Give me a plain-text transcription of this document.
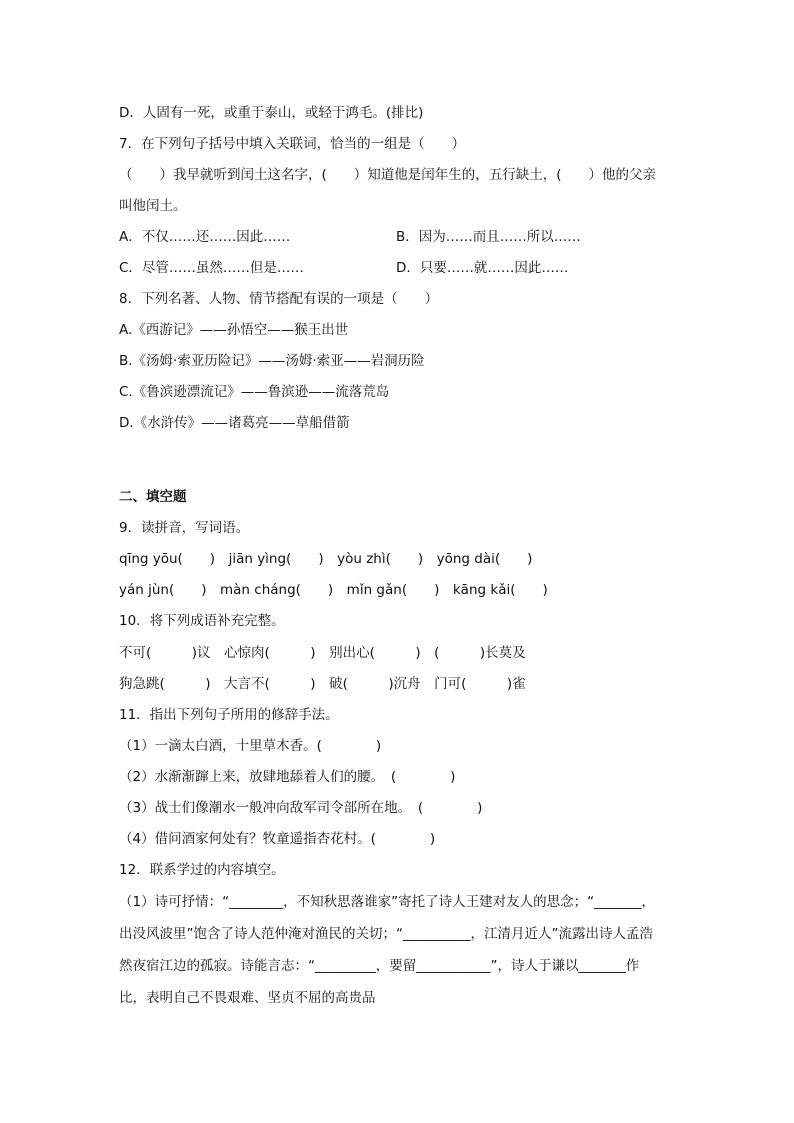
D．人固有一死，或重于泰山，或轻于鸿毛。(排比)
7．在下列句子括号中填入关联词，恰当的一组是（　　）
（　　）我早就听到闰土这名字，(　　）知道他是闰年生的，五行缺土，(　　）他的父亲
叫他闰土。
A．不仅……还……因此……	B．因为……而且……所以……
C．尽管……虽然……但是……	D．只要……就……因此……
8．下列名著、人物、情节搭配有误的一项是（　　）
A.《西游记》——孙悟空——猴王出世
B.《汤姆·索亚历险记》——汤姆·索亚——岩洞历险
C.《鲁滨逊漂流记》——鲁滨逊——流落荒岛
D.《水浒传》——诸葛亮——草船借箭
二、填空题
9．读拼音，写词语。
qīng yōu(　　)　jiān yìng(　　)　yòu zhì(　　)　yōng dài(　　)
yán jùn(　　)　màn cháng(　　)　mǐn gǎn(　　)　kāng kǎi(　　)
10．将下列成语补充完整。
不可(　　　)议　心惊肉(　　　)　别出心(　　　)　(　　　)长莫及
狗急跳(　　　)　大言不(　　　)　破(　　　)沉舟　门可(　　　)雀
11．指出下列句子所用的修辞手法。
（1）一滴太白酒，十里草木香。(　　　　)
（2）水渐渐蹿上来，放肆地舔着人们的腰。　(　　　　)
（3）战士们像潮水一般冲向敌军司令部所在地。　(　　　　)
（4）借问酒家何处有？牧童遥指杏花村。(　　　　)
12．联系学过的内容填空。
（1）诗可抒情：“________，不知秋思落谁家”寄托了诗人王建对友人的思念；“_______，
出没风波里”饱含了诗人范仲淹对渔民的关切；“__________，江清月近人”流露出诗人孟浩
然夜宿江边的孤寂。诗能言志：“_________，要留___________”，诗人于谦以_______作
比，表明自己不畏艰难、坚贞不屈的高贵品
